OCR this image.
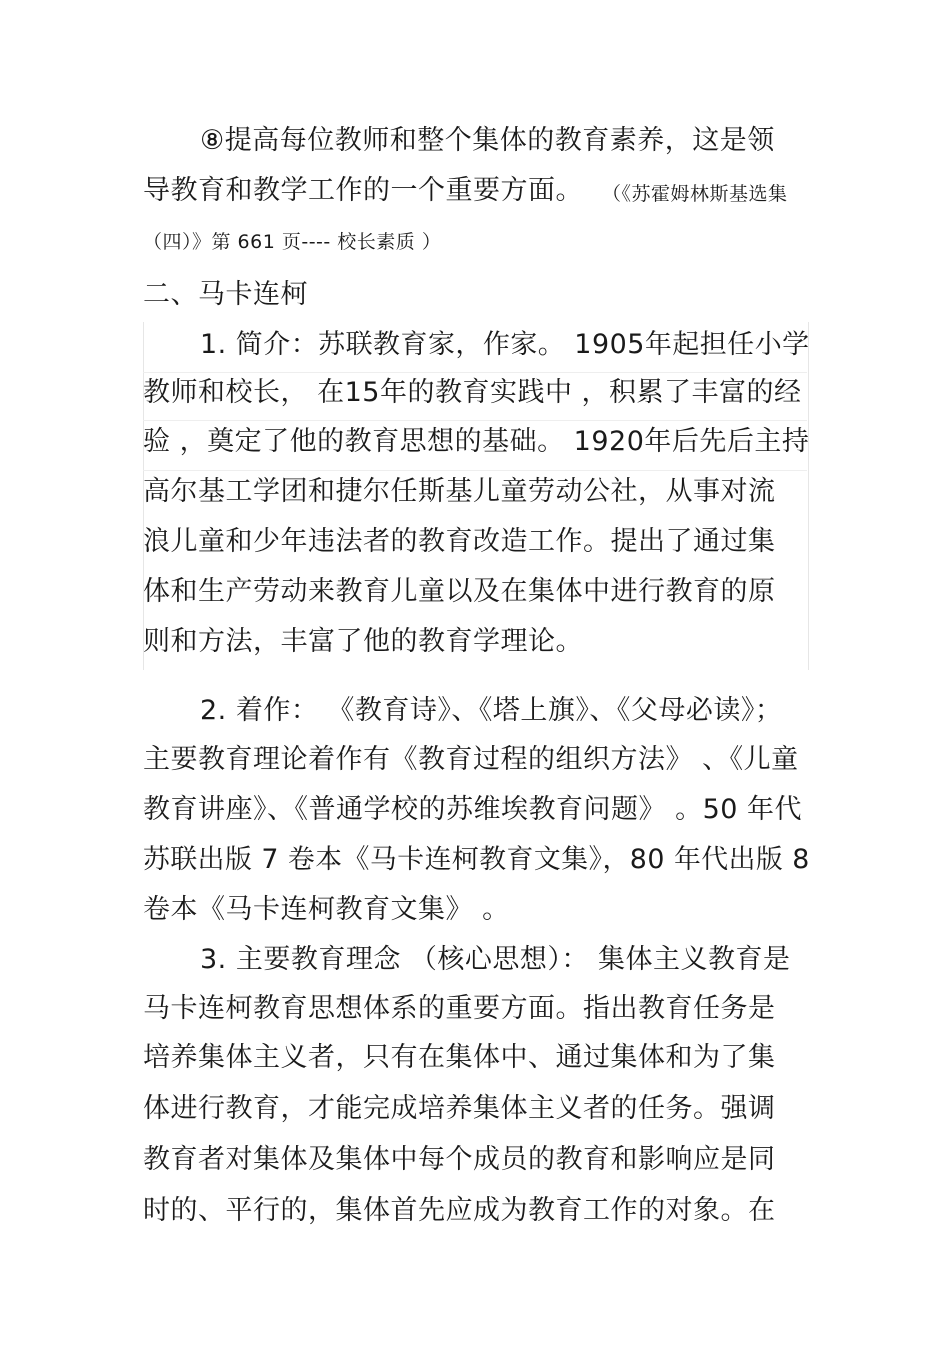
⑧提高每位教师和整个集体的教育素养，这是领
导教育和教学工作的一个重要方面。 （《苏霍姆林斯基选集
（四）》第 661 页---- 校长素质 ）
二、马卡连柯
1. 简介：苏联教育家，作家。 1905年起担任小学
教师和校长， 在15年的教育实践中 ，积累了丰富的经
验 ，奠定了他的教育思想的基础。 1920年后先后主持
高尔基工学团和捷尔任斯基儿童劳动公社，从事对流
浪儿童和少年违法者的教育改造工作。提出了通过集
体和生产劳动来教育儿童以及在集体中进行教育的原
则和方法，丰富了他的教育学理论。
2. 着作： 《教育诗》、《塔上旗》、《父母必读》；
主要教育理论着作有《教育过程的组织方法》 、《儿童
教育讲座》、《普通学校的苏维埃教育问题》 。50 年代
苏联出版 7 卷本《马卡连柯教育文集》，80 年代出版 8
卷本《马卡连柯教育文集》 。
3. 主要教育理念 （核心思想）： 集体主义教育是
马卡连柯教育思想体系的重要方面。指出教育任务是
培养集体主义者，只有在集体中、通过集体和为了集
体进行教育，才能完成培养集体主义者的任务。强调
教育者对集体及集体中每个成员的教育和影响应是同
时的、平行的，集体首先应成为教育工作的对象。在
